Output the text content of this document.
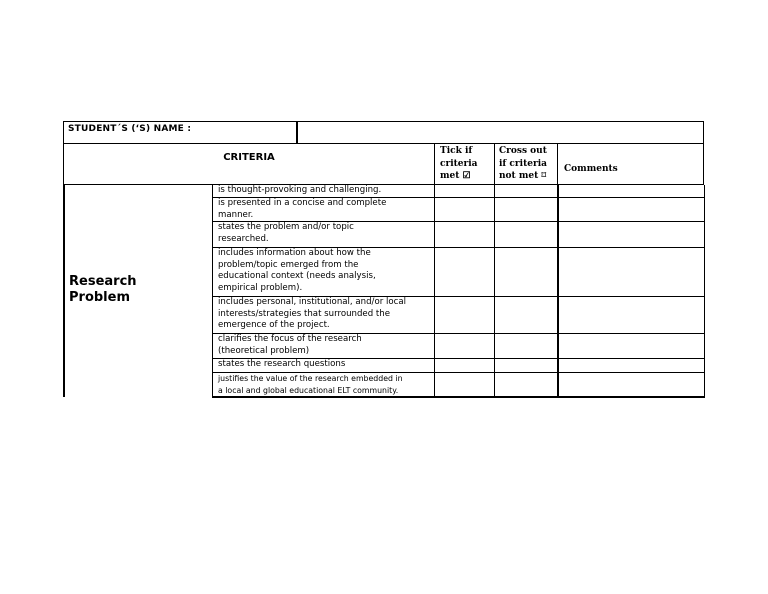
STUDENT´S (‘S) NAME :
CRITERIA
Tick if
criteria
met ☑
Cross out
if criteria
not met ⌑
Comments
Research
Problem
is thought-provoking and challenging.
is presented in a concise and complete
manner.
states the problem and/or topic
researched.
includes information about how the
problem/topic emerged from the
educational context (needs analysis,
empirical problem).
includes personal, institutional, and/or local
interests/strategies that surrounded the
emergence of the project.
clarifies the focus of the research
(theoretical problem)
states the research questions
justifies the value of the research embedded in
a local and global educational ELT community.
